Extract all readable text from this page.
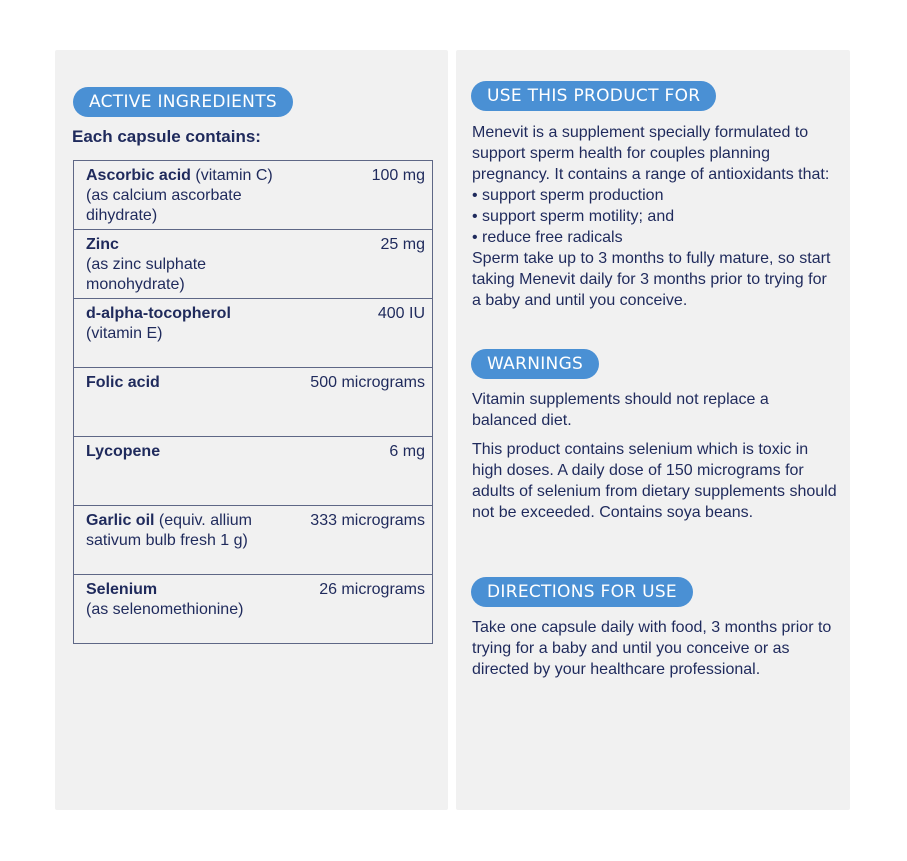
ACTIVE INGREDIENTS
Each capsule contains:
Ascorbic acid (vitamin C)
(as calcium ascorbate dihydrate)	100 mg
Zinc
(as zinc sulphate monohydrate)	25 mg
d-alpha-tocopherol
(vitamin E)	400 IU
Folic acid	500 micrograms
Lycopene	6 mg
Garlic oil (equiv. allium
sativum bulb fresh 1 g)	333 micrograms
Selenium
(as selenomethionine)	26 micrograms
USE THIS PRODUCT FOR

Menevit is a supplement specially formulated to support sperm health for couples planning pregnancy. It contains a range of antioxidants that:

• support sperm production
• support sperm motility; and
• reduce free radicals

Sperm take up to 3 months to fully mature, so start taking Menevit daily for 3 months prior to trying for a baby and until you conceive.

WARNINGS

Vitamin supplements should not replace a balanced diet.

This product contains selenium which is toxic in high doses. A daily dose of 150 micrograms for adults of selenium from dietary supplements should not be exceeded. Contains soya beans.

DIRECTIONS FOR USE

Take one capsule daily with food, 3 months prior to trying for a baby and until you conceive or as directed by your healthcare professional.
